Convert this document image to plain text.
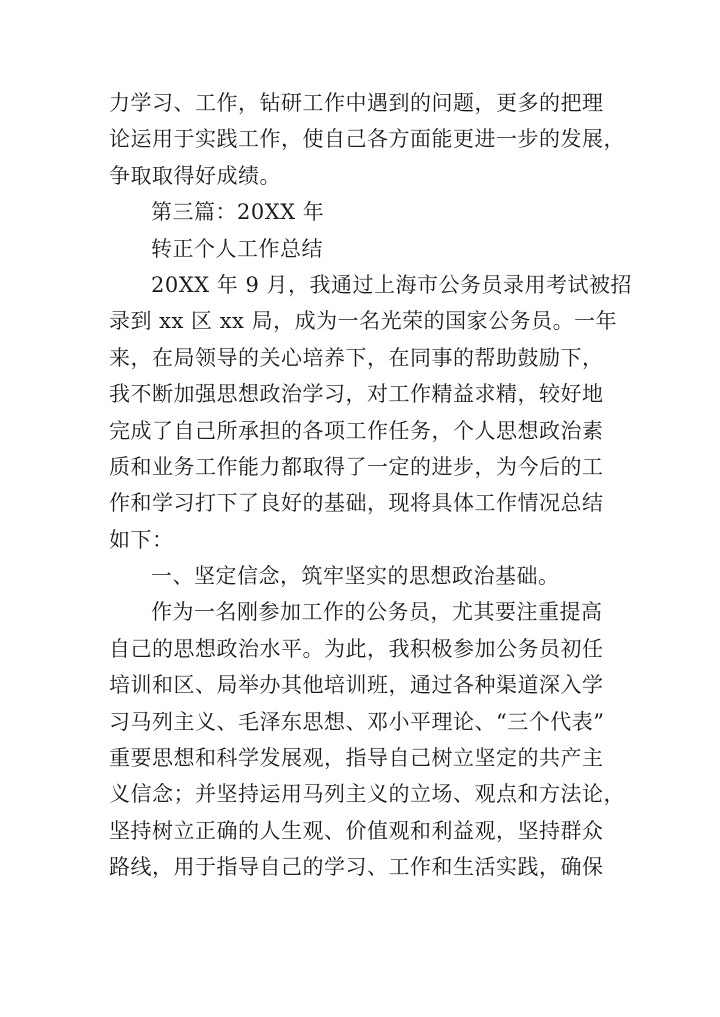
力学习、工作，钻研工作中遇到的问题，更多的把理
论运用于实践工作，使自己各方面能更进一步的发展，
争取取得好成绩。
第三篇：20XX 年
转正个人工作总结
20XX 年 9 月，我通过上海市公务员录用考试被招
录到 xx 区 xx 局，成为一名光荣的国家公务员。一年
来，在局领导的关心培养下，在同事的帮助鼓励下，
我不断加强思想政治学习，对工作精益求精，较好地
完成了自己所承担的各项工作任务，个人思想政治素
质和业务工作能力都取得了一定的进步，为今后的工
作和学习打下了良好的基础，现将具体工作情况总结
如下：
一、坚定信念，筑牢坚实的思想政治基础。
作为一名刚参加工作的公务员，尤其要注重提高
自己的思想政治水平。为此，我积极参加公务员初任
培训和区、局举办其他培训班，通过各种渠道深入学
习马列主义、毛泽东思想、邓小平理论、“三个代表”
重要思想和科学发展观，指导自己树立坚定的共产主
义信念；并坚持运用马列主义的立场、观点和方法论，
坚持树立正确的人生观、价值观和利益观，坚持群众
路线，用于指导自己的学习、工作和生活实践，确保
